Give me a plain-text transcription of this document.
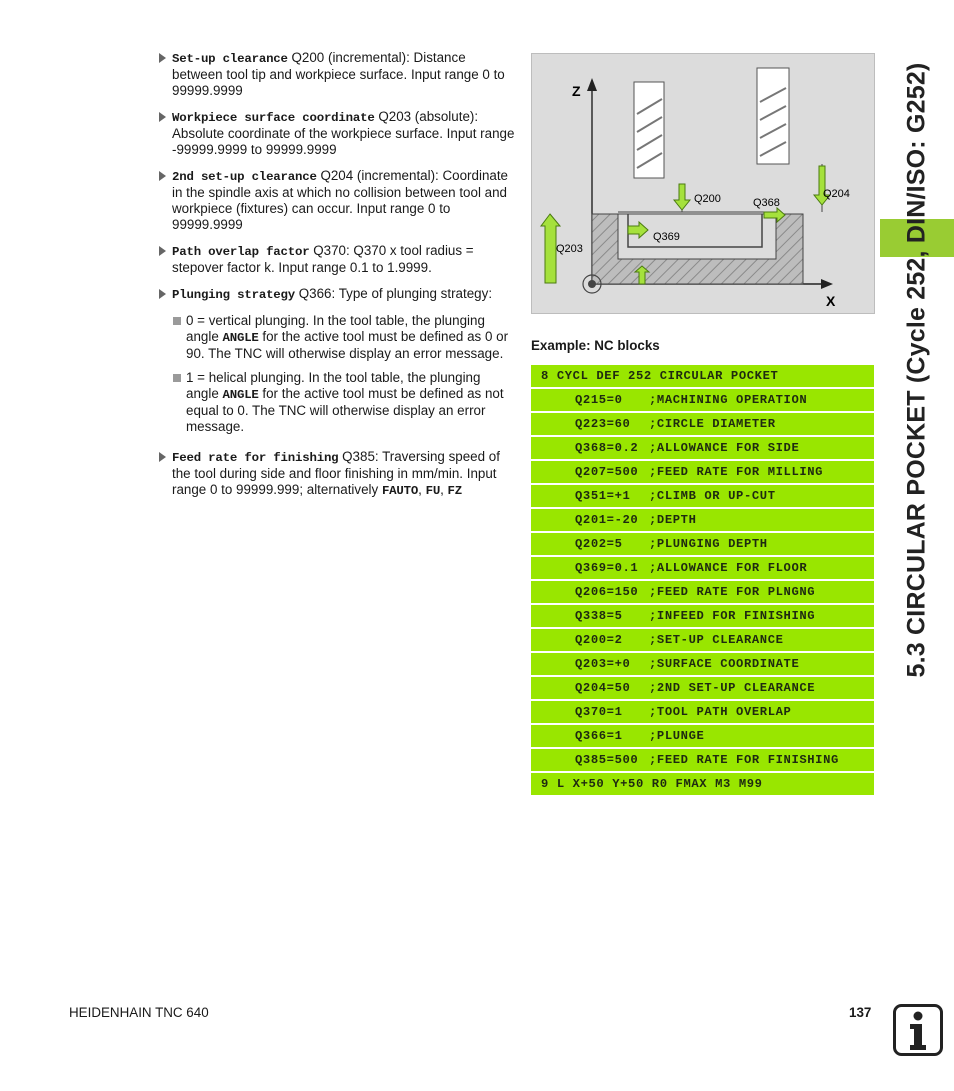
Set-up clearance Q200 (incremental): Distance between tool tip and workpiece surface. Input range 0 to 99999.9999
Workpiece surface coordinate Q203 (absolute): Absolute coordinate of the workpiece surface. Input range -99999.9999 to 99999.9999
2nd set-up clearance Q204 (incremental): Coordinate in the spindle axis at which no collision between tool and workpiece (fixtures) can occur. Input range 0 to 99999.9999
Path overlap factor Q370: Q370 x tool radius = stepover factor k. Input range 0.1 to 1.9999.
Plunging strategy Q366: Type of plunging strategy:
0 = vertical plunging. In the tool table, the plunging angle ANGLE for the active tool must be defined as 0 or 90. The TNC will otherwise display an error message.
1 = helical plunging. In the tool table, the plunging angle ANGLE for the active tool must be defined as not equal to 0. The TNC will otherwise display an error message.
Feed rate for finishing Q385: Traversing speed of the tool during side and floor finishing in mm/min. Input range 0 to 99999.999; alternatively FAUTO, FU, FZ
Z
X
Q200	Q368
Q204
Q369
Q203
Example: NC blocks
8 CYCL DEF 252 CIRCULAR POCKET
Q215=0 ;MACHINING OPERATION
Q223=60 ;CIRCLE DIAMETER
Q368=0.2 ;ALLOWANCE FOR SIDE
Q207=500 ;FEED RATE FOR MILLING
Q351=+1 ;CLIMB OR UP-CUT
Q201=-20 ;DEPTH
Q202=5 ;PLUNGING DEPTH
Q369=0.1 ;ALLOWANCE FOR FLOOR
Q206=150 ;FEED RATE FOR PLNGNG
Q338=5 ;INFEED FOR FINISHING
Q200=2 ;SET-UP CLEARANCE
Q203=+0 ;SURFACE COORDINATE
Q204=50 ;2ND SET-UP CLEARANCE
Q370=1 ;TOOL PATH OVERLAP
Q366=1 ;PLUNGE
Q385=500 ;FEED RATE FOR FINISHING
9 L X+50 Y+50 R0 FMAX M3 M99
5.3 CIRCULAR POCKET (Cycle 252, DIN/ISO: G252)
HEIDENHAIN TNC 640	137
